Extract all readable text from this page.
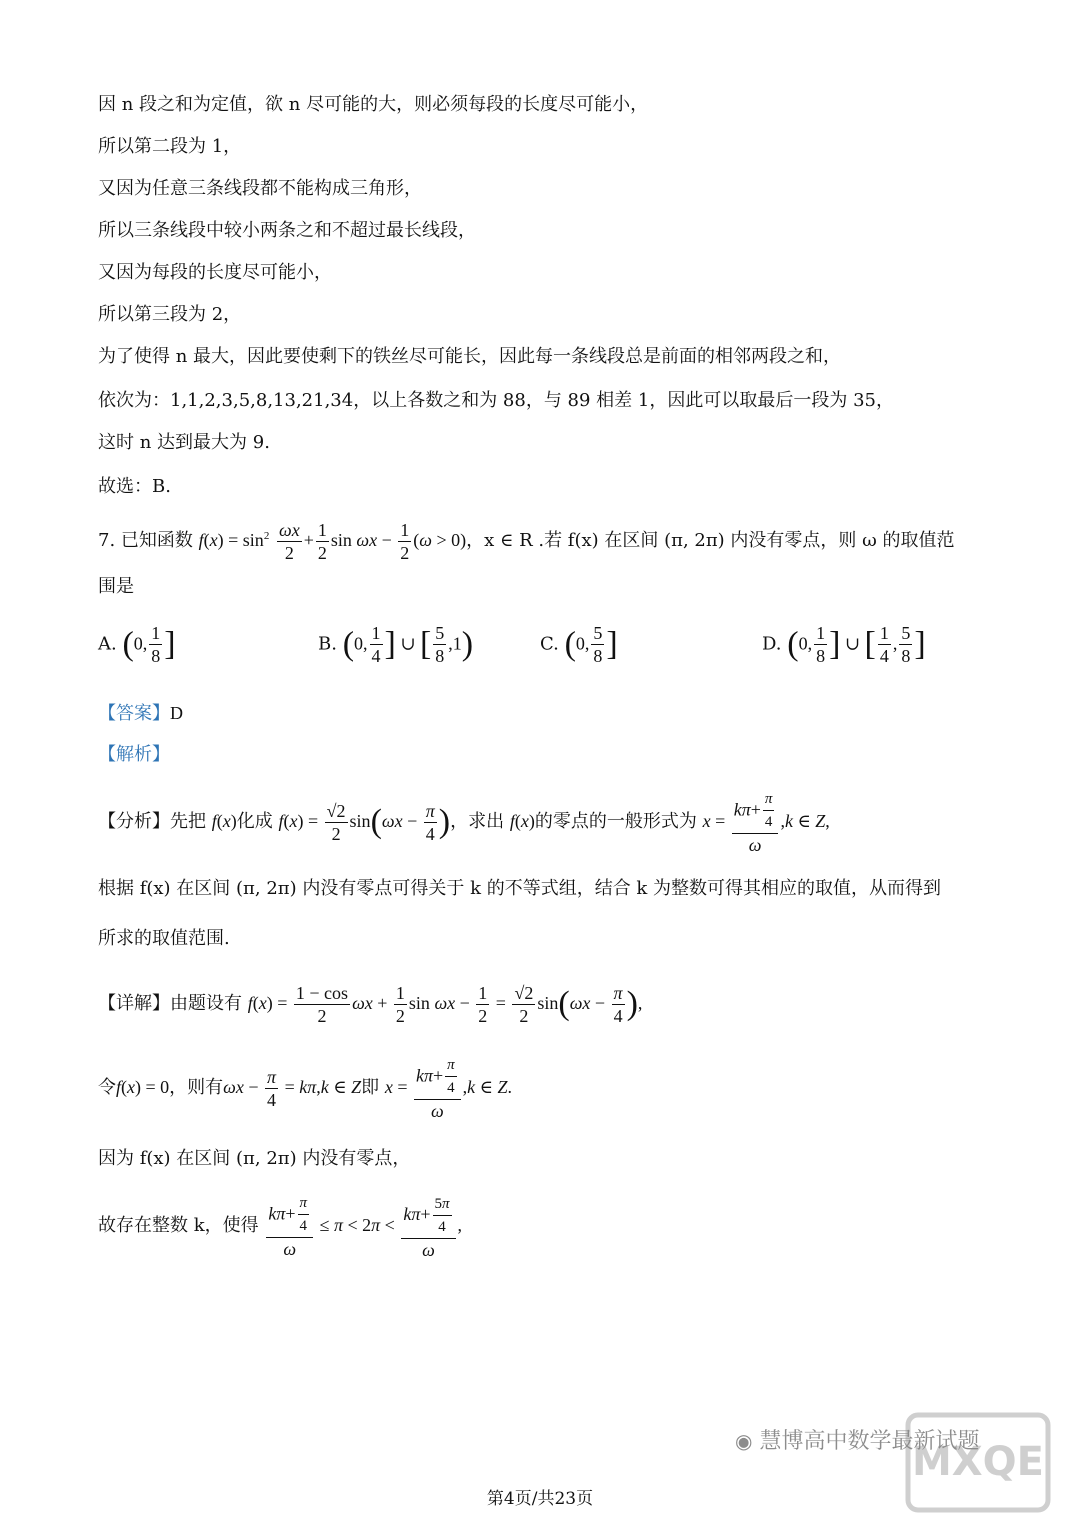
因 n 段之和为定值，欲 n 尽可能的大，则必须每段的长度尽可能小，
所以第二段为 1，
又因为任意三条线段都不能构成三角形，
所以三条线段中较小两条之和不超过最长线段，
又因为每段的长度尽可能小，
所以第三段为 2，
为了使得 n 最大，因此要使剩下的铁丝尽可能长，因此每一条线段总是前面的相邻两段之和，
依次为：1,1,2,3,5,8,13,21,34，以上各数之和为 88，与 89 相差 1，因此可以取最后一段为 35，
这时 n 达到最大为 9.
故选：B.
7. 已知函数 $f(x) = \sin^2 \frac{\omega x}{2} + \frac{1}{2}$ $\sin \omega x - \frac{1}{2} (\omega > 0)$，x ∈ R .若 f(x) 在区间 (π, 2π) 内没有零点，则 ω 的取值范
围是
A. (0, $\frac{1}{8}$ ]	B. (0, $\frac{1}{4}$ ] ∪ [ $\frac{5}{8} ,1$)	C. (0, $\frac{5}{8}$ ]	D. (0, $\frac{1}{8}$ ] ∪ [ $\frac{1}{4}$ , $\frac{5}{8}$ ]
【答案】D
【解析】
【分析】先把 f(x)化成 $f(x) = \frac{√2}{2} \sin(\omega x - \frac{\pi}{4}$ )，求出 f(x)的零点的一般形式为 $x = \frac{k\pi+ \frac{\pi}{4}}{\omega} ,k$ ∈ Z,
根据 f(x) 在区间 (π, 2π) 内没有零点可得关于 k 的不等式组，结合 k 为整数可得其相应的取值，从而得到
所求的取值范围.
【详解】由题设有 $f(x) = \frac{1 - \cos}{2}$ $\omega x + \frac{1}{2}$ $\sin \omega x - \frac{1}{2} = \frac{√2}{2} \sin(\omega x - \frac{\pi}{4}$ ),
令f(x) = 0，则有$\omega x - \frac{\pi}{4} = k\pi,k$ ∈ Z即 $x = \frac{k\pi+ \frac{\pi}{4}}{\omega} ,k$ ∈ Z.
因为 f(x) 在区间 (π, 2π) 内没有零点，
故存在整数 k，使得 $\frac{k\pi+ \frac{\pi}{4}}{\omega} \le \pi < 2\pi < \frac{k\pi+ \frac{5\pi}{4}}{\omega}$ ,
MXQE
◉ 慧博高中数学最新试题
第4页/共23页
